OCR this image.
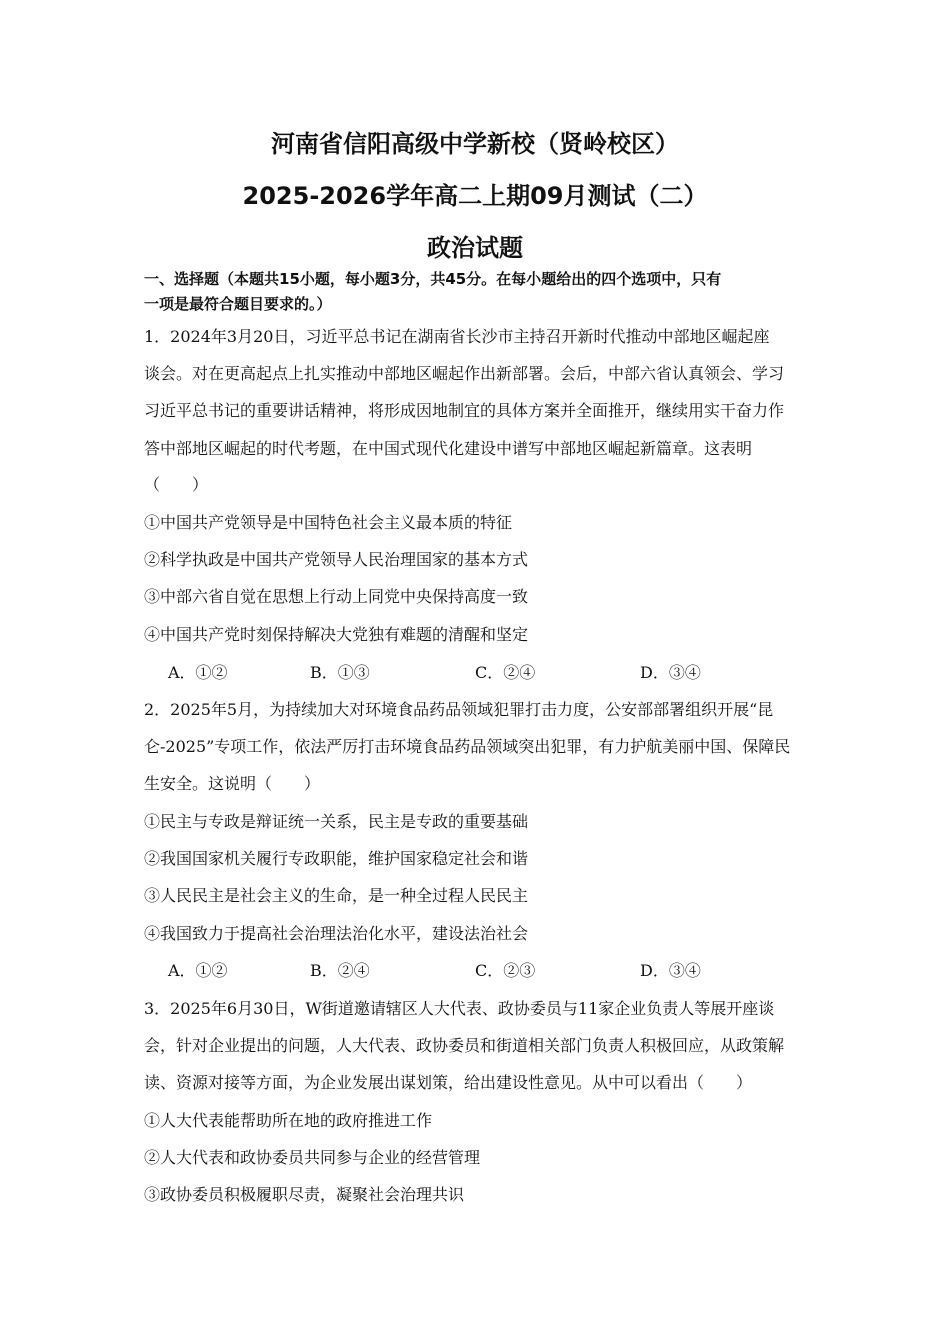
河南省信阳高级中学新校（贤岭校区）
2025-2026学年高二上期09月测试（二）
政治试题
一、选择题（本题共15小题，每小题3分，共45分。在每小题给出的四个选项中，只有
一项是最符合题目要求的。）
1．2024年3月20日，习近平总书记在湖南省长沙市主持召开新时代推动中部地区崛起座
谈会。对在更高起点上扎实推动中部地区崛起作出新部署。会后，中部六省认真领会、学习
习近平总书记的重要讲话精神，将形成因地制宜的具体方案并全面推开，继续用实干奋力作
答中部地区崛起的时代考题，在中国式现代化建设中谱写中部地区崛起新篇章。这表明
（　　）
①中国共产党领导是中国特色社会主义最本质的特征
②科学执政是中国共产党领导人民治理国家的基本方式
③中部六省自觉在思想上行动上同党中央保持高度一致
④中国共产党时刻保持解决大党独有难题的清醒和坚定
A．①②	B．①③	C．②④	D．③④
2．2025年5月，为持续加大对环境食品药品领域犯罪打击力度，公安部部署组织开展“昆
仑-2025”专项工作，依法严厉打击环境食品药品领域突出犯罪，有力护航美丽中国、保障民
生安全。这说明（　　）
①民主与专政是辩证统一关系，民主是专政的重要基础
②我国国家机关履行专政职能，维护国家稳定社会和谐
③人民民主是社会主义的生命，是一种全过程人民民主
④我国致力于提高社会治理法治化水平，建设法治社会
A．①②	B．②④	C．②③	D．③④
3．2025年6月30日，W街道邀请辖区人大代表、政协委员与11家企业负责人等展开座谈
会，针对企业提出的问题，人大代表、政协委员和街道相关部门负责人积极回应，从政策解
读、资源对接等方面，为企业发展出谋划策，给出建设性意见。从中可以看出（　　）
①人大代表能帮助所在地的政府推进工作
②人大代表和政协委员共同参与企业的经营管理
③政协委员积极履职尽责，凝聚社会治理共识
